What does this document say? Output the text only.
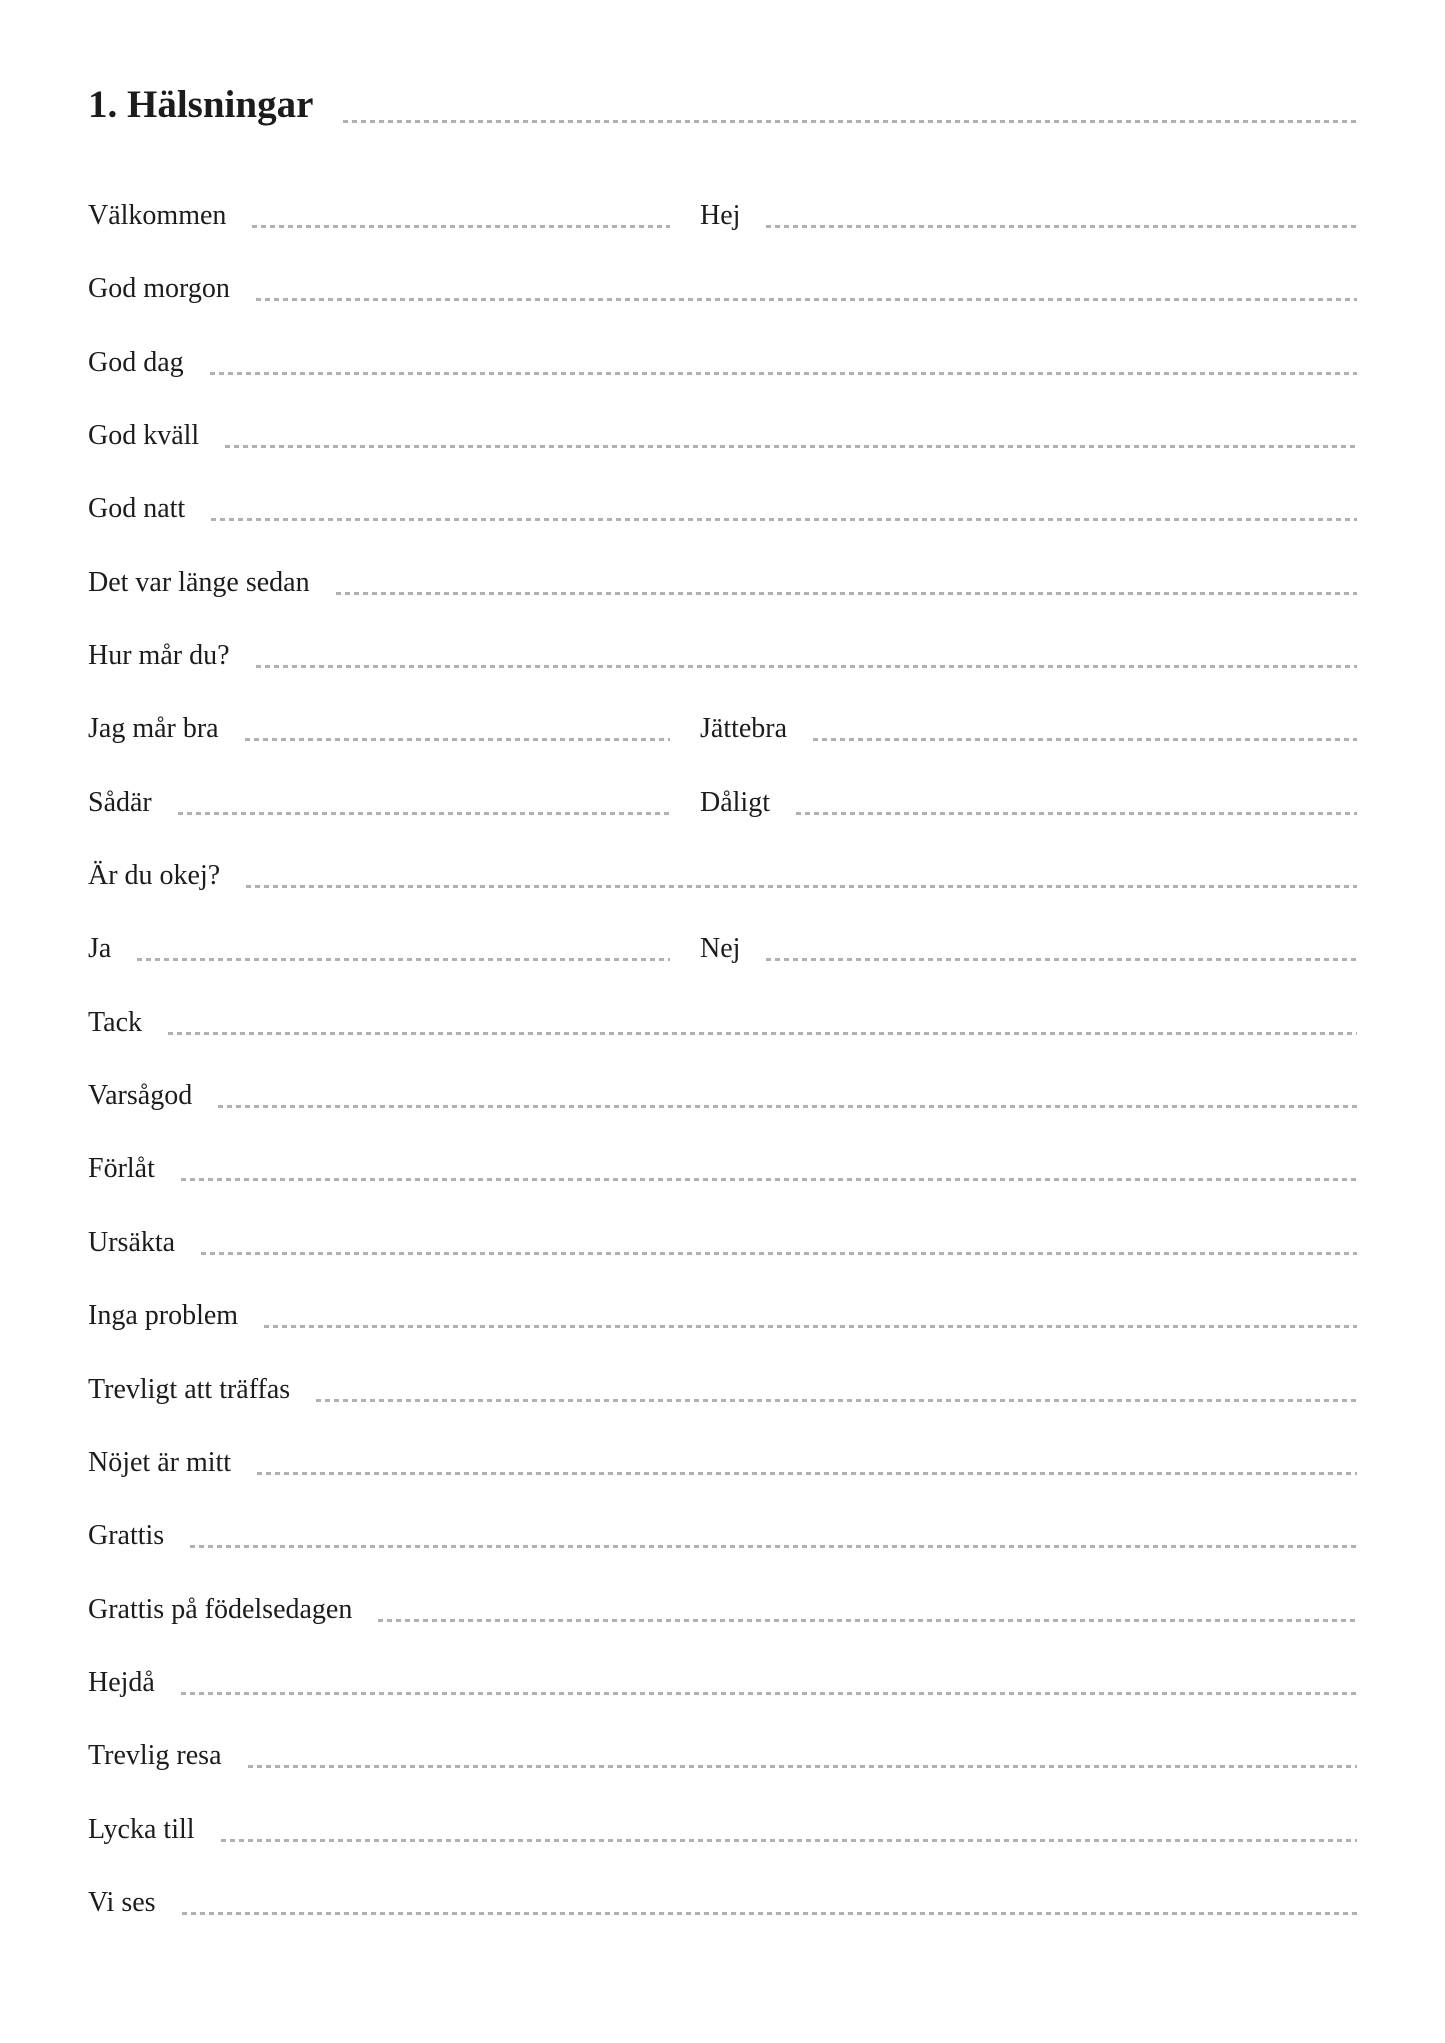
1. Hälsningar
Välkommen	Hej
God morgon
God dag
God kväll
God natt
Det var länge sedan
Hur mår du?
Jag mår bra	Jättebra
Sådär	Dåligt
Är du okej?
Ja	Nej
Tack
Varsågod
Förlåt
Ursäkta
Inga problem
Trevligt att träffas
Nöjet är mitt
Grattis
Grattis på födelsedagen
Hejdå
Trevlig resa
Lycka till
Vi ses
